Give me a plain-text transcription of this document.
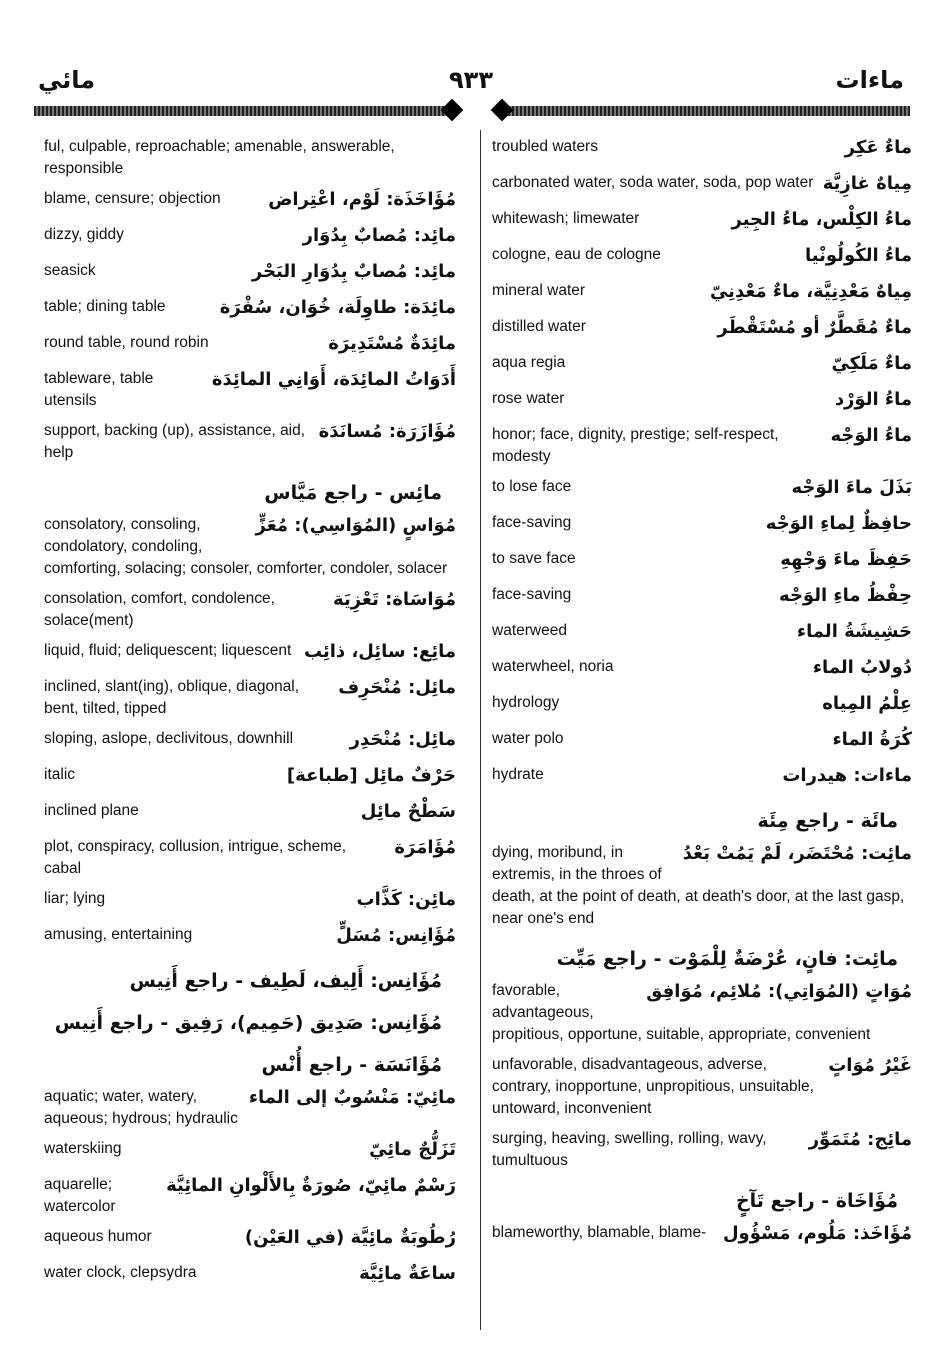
مائي	٩٣٣	ماءات
ful, culpable, reproachable; amenable, answerable, responsible
مُؤَاخَذَة: لَوْم، اعْتِراض
blame, censure; objection
مائِد: مُصابٌ بِدُوَار
dizzy, giddy
مائِد: مُصابٌ بِدُوَارِ البَحْر
seasick
مائِدَة: طاوِلَة، خُوَان، سُفْرَة
table; dining table
مائِدَةٌ مُسْتَدِيرَة
round table, round robin
أَدَوَاتُ المائِدَة، أَوَانِي المائِدَة
tableware, table utensils
مُؤَازَرَة: مُسانَدَة
support, backing (up), assistance, aid, help
مائِس - راجع مَيَّاس
مُوَاسٍ (المُوَاسِي): مُعَزٍّ
consolatory, consoling, condolatory, condoling, comforting, solacing; consoler, comforter, condoler, solacer
مُوَاسَاة: تَعْزِيَة
consolation, comfort, condolence, solace(ment)
مائِع: سائِل، ذائِب
liquid, fluid; deliquescent; liquescent
مائِل: مُنْحَرِف
inclined, slant(ing), oblique, diagonal, bent, tilted, tipped
مائِل: مُنْحَدِر
sloping, aslope, declivitous, downhill
حَرْفٌ مائِل [طباعة]
italic
سَطْحٌ مائِل
inclined plane
مُؤَامَرَة
plot, conspiracy, collusion, intrigue, scheme, cabal
مائِن: كَذَّاب
liar; lying
مُؤَانِس: مُسَلٍّ
amusing, entertaining
مُؤَانِس: أَلِيف، لَطِيف - راجع أَنِيس
مُؤَانِس: صَدِيق (حَمِيم)، رَفِيق - راجع أَنِيس
مُؤَانَسَة - راجع أُنْس
مائِيّ: مَنْسُوبٌ إلى الماء
aquatic; water, watery, aqueous; hydrous; hydraulic
تَزَلُّجٌ مائِيّ
waterskiing
رَسْمٌ مائِيّ، صُورَةٌ بِالأَلْوانِ المائِيَّة
aquarelle; watercolor
رُطُوبَةٌ مائِيَّة (في العَيْن)
aqueous humor
ساعَةٌ مائِيَّة
water clock, clepsydra
ماءٌ عَكِر
troubled waters
مِياهٌ غازِيَّة
carbonated water, soda water, soda, pop water
ماءُ الكِلْس، ماءُ الجِير
whitewash; limewater
ماءُ الكُولُونْيا
cologne, eau de cologne
مِياهٌ مَعْدِنِيَّة، ماءٌ مَعْدِنِيّ
mineral water
ماءٌ مُقَطَّرٌ أو مُسْتَقْطَر
distilled water
ماءٌ مَلَكِيّ
aqua regia
ماءُ الوَرْد
rose water
ماءُ الوَجْه
honor; face, dignity, prestige; self-respect, modesty
بَذَلَ ماءَ الوَجْه
to lose face
حافِظٌ لِماءِ الوَجْه
face-saving
حَفِظَ ماءَ وَجْهِهِ
to save face
حِفْظُ ماءِ الوَجْه
face-saving
حَشِيشَةُ الماء
waterweed
دُولابُ الماء
waterwheel, noria
عِلْمُ المِياه
hydrology
كُرَةُ الماء
water polo
ماءات: هيدرات
hydrate
مائَة - راجع مِئَة
مائِت: مُحْتَضَر، لَمْ يَمُتْ بَعْدُ
dying, moribund, in extremis, in the throes of death, at the point of death, at death's door, at the last gasp, near one's end
مائِت: فانٍ، عُرْضَةٌ لِلْمَوْت - راجع مَيِّت
مُوَاتٍ (المُوَاتِي): مُلائِم، مُوَافِق
favorable, advantageous, propitious, opportune, suitable, appropriate, convenient
غَيْرُ مُوَاتٍ
unfavorable, disadvantageous, adverse, contrary, inopportune, unpropitious, unsuitable, untoward, inconvenient
مائِج: مُتَمَوِّر
surging, heaving, swelling, rolling, wavy, tumultuous
مُؤَاخَاة - راجع تَآخٍ
مُؤَاخَذ: مَلُوم، مَسْؤُول
blameworthy, blamable, blame-
